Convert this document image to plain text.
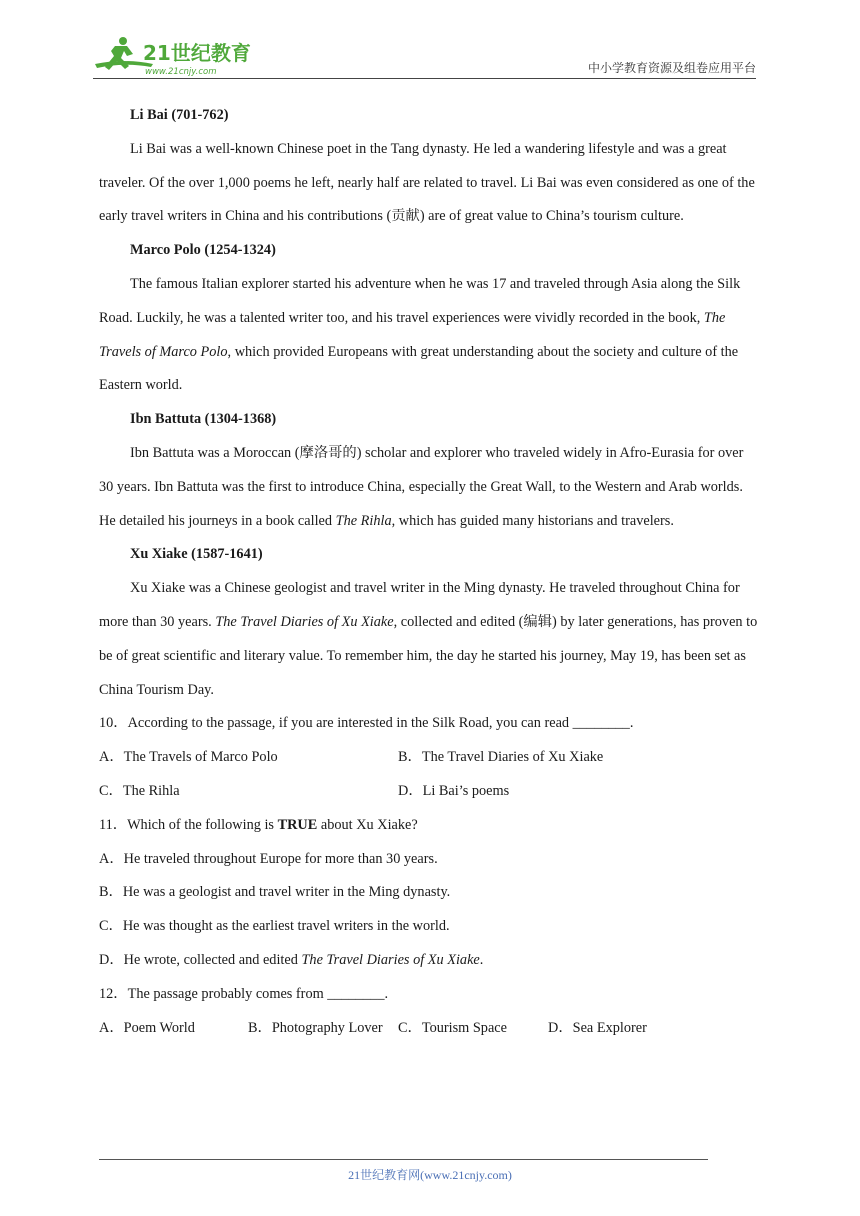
21世纪教育
www.21cnjy.com	中小学教育资源及组卷应用平台

Li Bai (701-762)

Li Bai was a well-known Chinese poet in the Tang dynasty. He led a wandering lifestyle and was a great traveler. Of the over 1,000 poems he left, nearly half are related to travel. Li Bai was even considered as one of the early travel writers in China and his contributions (贡献) are of great value to China’s tourism culture.

Marco Polo (1254-1324)

The famous Italian explorer started his adventure when he was 17 and traveled through Asia along the Silk Road. Luckily, he was a talented writer too, and his travel experiences were vividly recorded in the book, The Travels of Marco Polo, which provided Europeans with great understanding about the society and culture of the Eastern world.

Ibn Battuta (1304-1368)

Ibn Battuta was a Moroccan (摩洛哥的) scholar and explorer who traveled widely in Afro-Eurasia for over 30 years. Ibn Battuta was the first to introduce China, especially the Great Wall, to the Western and Arab worlds. He detailed his journeys in a book called The Rihla, which has guided many historians and travelers.

Xu Xiake (1587-1641)

Xu Xiake was a Chinese geologist and travel writer in the Ming dynasty. He traveled throughout China for more than 30 years. The Travel Diaries of Xu Xiake, collected and edited (编辑) by later generations, has proven to be of great scientific and literary value. To remember him, the day he started his journey, May 19, has been set as China Tourism Day.

10．According to the passage, if you are interested in the Silk Road, you can read ________.

A．The Travels of Marco Polo	B．The Travel Diaries of Xu Xiake
C．The Rihla	D．Li Bai’s poems

11．Which of the following is TRUE about Xu Xiake?

A．He traveled throughout Europe for more than 30 years.

B．He was a geologist and travel writer in the Ming dynasty.

C．He was thought as the earliest travel writers in the world.

D．He wrote, collected and edited The Travel Diaries of Xu Xiake.

12．The passage probably comes from ________.

A．Poem World	B．Photography Lover C．Tourism Space	D．Sea Explorer
21世纪教育网(www.21cnjy.com)
